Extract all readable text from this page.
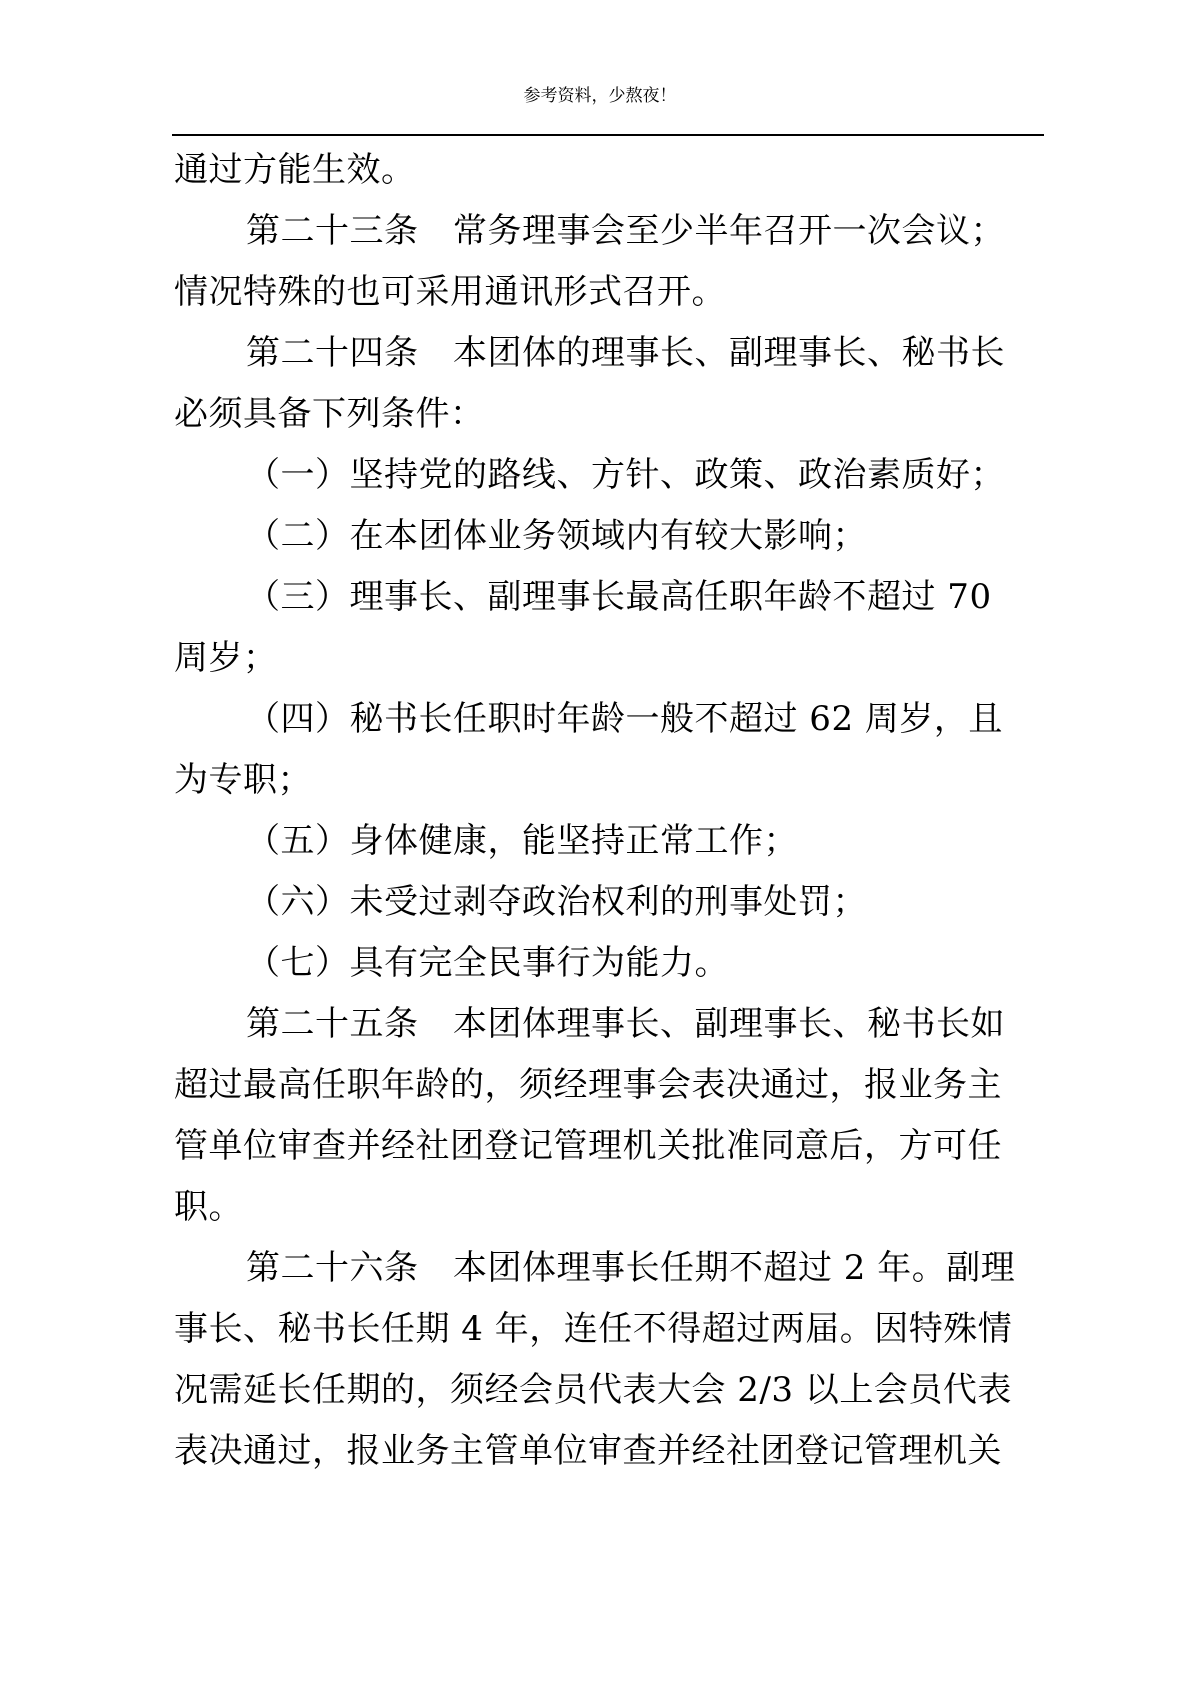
参考资料，少熬夜！
通过方能生效。
第二十三条　常务理事会至少半年召开一次会议；
情况特殊的也可采用通讯形式召开。
第二十四条　本团体的理事长、副理事长、秘书长
必须具备下列条件：
（一）坚持党的路线、方针、政策、政治素质好；
（二）在本团体业务领域内有较大影响；
（三）理事长、副理事长最高任职年龄不超过 70
周岁；
（四）秘书长任职时年龄一般不超过 62 周岁，且
为专职；
（五）身体健康，能坚持正常工作；
（六）未受过剥夺政治权利的刑事处罚；
（七）具有完全民事行为能力。
第二十五条　本团体理事长、副理事长、秘书长如
超过最高任职年龄的，须经理事会表决通过，报业务主
管单位审查并经社团登记管理机关批准同意后，方可任
职。
第二十六条　本团体理事长任期不超过 2 年。副理
事长、秘书长任期 4 年，连任不得超过两届。因特殊情
况需延长任期的，须经会员代表大会 2/3 以上会员代表
表决通过，报业务主管单位审查并经社团登记管理机关
